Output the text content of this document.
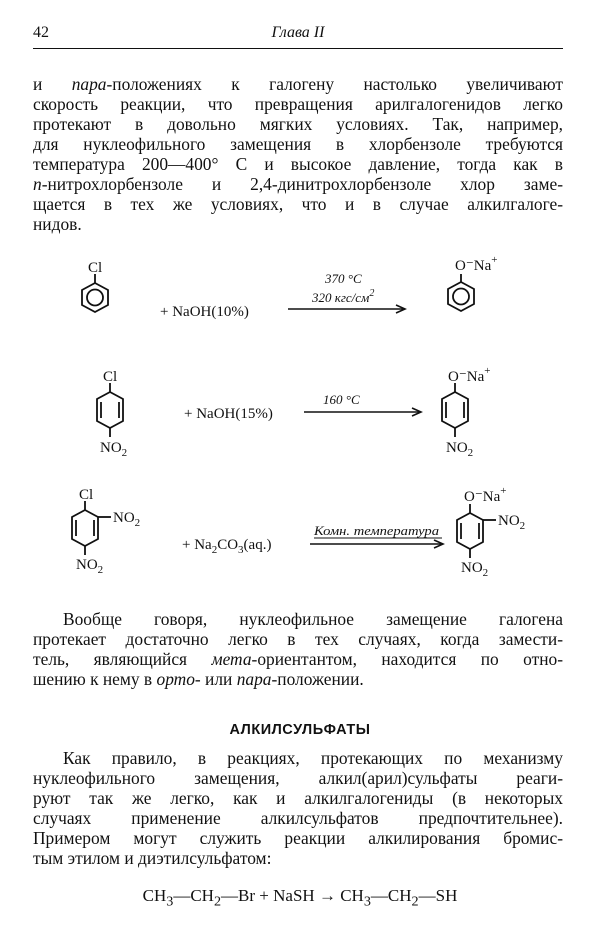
42	Глава II
и пара-положениях к галогену настолько увеличивают
скорость реакции, что превращения арилгалогенидов легко
протекают в довольно мягких условиях. Так, например,
для нуклеофильного замещения в хлорбензоле требуются
температура 200—400° С и высокое давление, тогда как в
п-нитрохлорбензоле и 2,4-динитрохлорбензоле хлор заме-
щается в тех же условиях, что и в случае алкилгалоге-
нидов.
Cl
+ NaOH(10%)
370 °C
320 кгс/$см^2$
O⁻Na+
Cl
$NO_2$
+ NaOH(15%)
160 °C
O⁻Na+
$NO_2$
Cl
$NO_2$
$NO_2$
+ $Na_2CO_3(aq.)$
Комн. температура
O⁻Na+
$NO_2$
$NO_2$
Вообще говоря, нуклеофильное замещение галогена
протекает достаточно легко в тех случаях, когда замести-
тель, являющийся мета-ориентантом, находится по отно-
шению к нему в орто- или пара-положении.
АЛКИЛСУЛЬФАТЫ
Как правило, в реакциях, протекающих по механизму
нуклеофильного замещения, алкил(арил)сульфаты реаги-
руют так же легко, как и алкилгалогениды (в некоторых
случаях применение алкилсульфатов предпочтительнее).
Примером могут служить реакции алкилирования бромис-
тым этилом и диэтилсульфатом:
$CH_3—CH_2—Br$ + NaSH → $CH_3—CH_2—SH$
